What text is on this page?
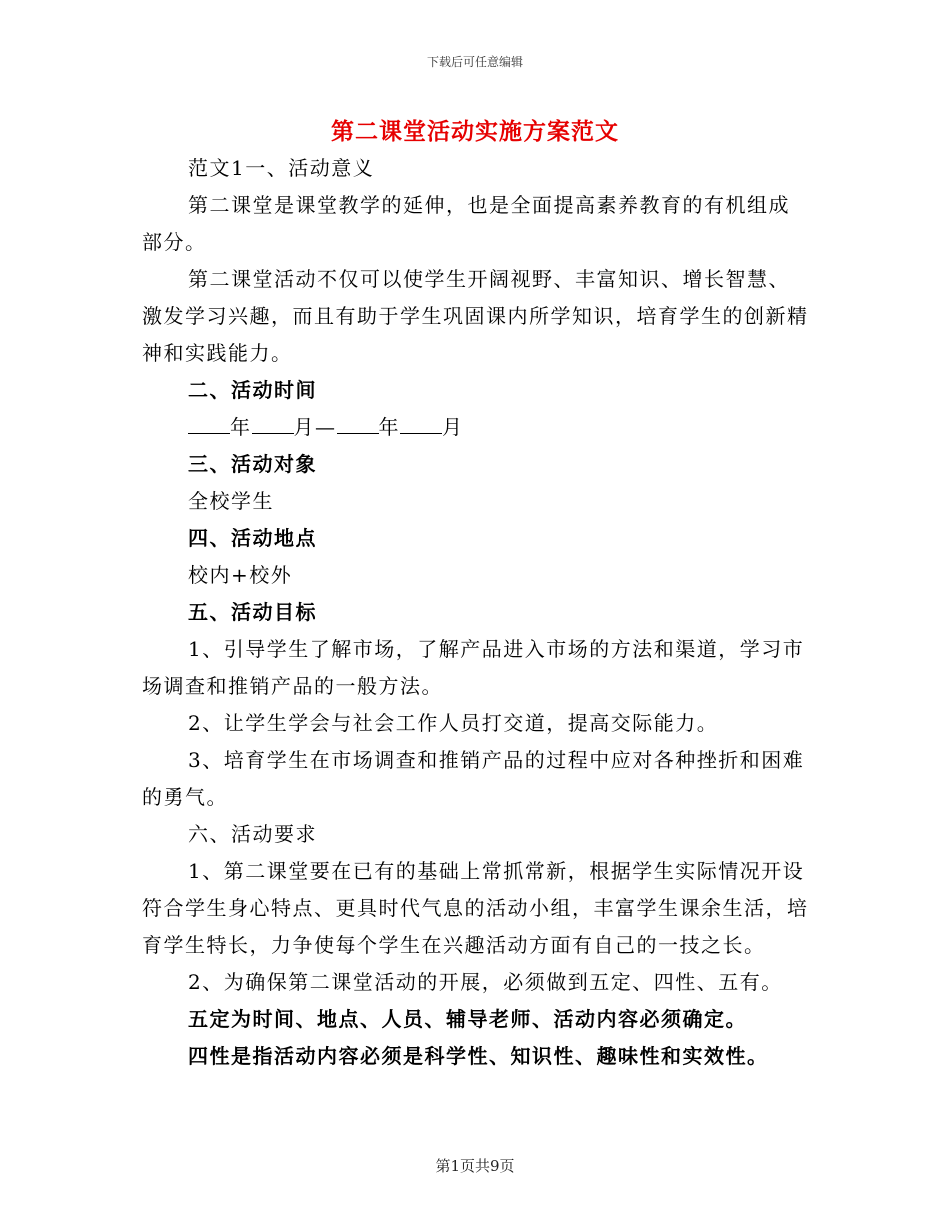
下载后可任意编辑
第二课堂活动实施方案范文

范文1一、活动意义

第二课堂是课堂教学的延伸，也是全面提高素养教育的有机组成部分。

第二课堂活动不仅可以使学生开阔视野、丰富知识、增长智慧、激发学习兴趣，而且有助于学生巩固课内所学知识，培育学生的创新精神和实践能力。

二、活动时间

年 月— 年 月

三、活动对象

全校学生

四、活动地点

校内+校外

五、活动目标

1、引导学生了解市场，了解产品进入市场的方法和渠道，学习市场调查和推销产品的一般方法。

2、让学生学会与社会工作人员打交道，提高交际能力。

3、培育学生在市场调查和推销产品的过程中应对各种挫折和困难的勇气。

六、活动要求

1、第二课堂要在已有的基础上常抓常新，根据学生实际情况开设符合学生身心特点、更具时代气息的活动小组，丰富学生课余生活，培育学生特长，力争使每个学生在兴趣活动方面有自己的一技之长。

2、为确保第二课堂活动的开展，必须做到五定、四性、五有。

五定为时间、地点、人员、辅导老师、活动内容必须确定。

四性是指活动内容必须是科学性、知识性、趣味性和实效性。

第1页共9页
